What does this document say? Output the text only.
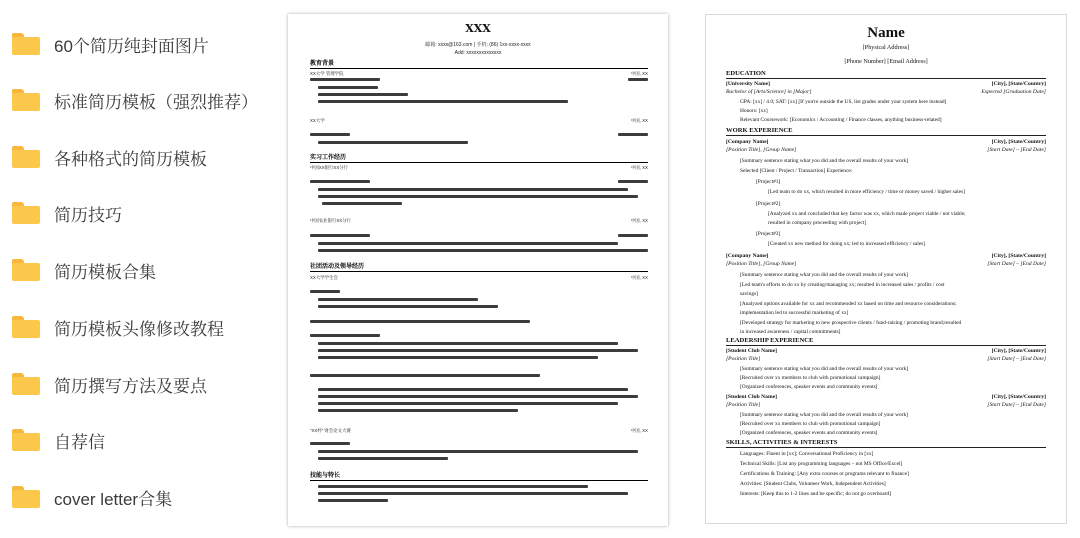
60个简历纯封面图片
标准简历模板（强烈推荐）
各种格式的简历模板
简历技巧
简历模板合集
简历模板头像修改教程
简历撰写方法及要点
自荐信
cover letter合集
XXX
邮箱: xxxx@163.com | 手机: (86) 1xx-xxxx-xxxx
Add: xxxxxxxxxxxxxx
教育背景
XX大学 管理学院	中国, XX
XX大学	中国, XX
实习工作经历
中国XX银行XX分行	中国, XX
中国农业银行XX分行	中国, XX
社团活动及领导经历
XX大学学生会	中国, XX
“XX杯” 财会论文大赛	中国, XX
技能与特长
Name
[Physical Address]
[Phone Number] [Email Address]
EDUCATION
[University Name]	[City], [State/Country]
Bachelor of [Arts/Science] in [Major]	Expected [Graduation Date]
GPA: [xx] / 4.0; SAT: [xx] [If you're outside the US, list grades under your system here instead]
Honors: [xx]
Relevant Coursework: [Economics / Accounting / Finance classes, anything business-related]
WORK EXPERIENCE
[Company Name]	[City], [State/Country]
[Position Title], [Group Name]	[Start Date] – [End Date]
[Summary sentence stating what you did and the overall results of your work]
Selected [Client / Project / Transaction] Experience:
[Project#1]
[Led team to do xx, which resulted in more efficiency / time or money saved / higher sales]
[Project#2]
[Analyzed xx and concluded that key factor was xx, which made project viable / not viable;
resulted in company proceeding with project]
[Project#3]
[Created xx new method for doing xx; led to increased efficiency / sales]
[Company Name]	[City], [State/Country]
[Position Title], [Group Name]	[Start Date] – [End Date]
[Summary sentence stating what you did and the overall results of your work]
[Led team's efforts to do xx by creating/managing xx; resulted in increased sales / profits / cost
savings]
[Analyzed options available for xx and recommended xx based on time and resource considerations;
implementation led to successful marketing of xx]
[Developed strategy for marketing to new prospective clients / fund-raising / promoting brand;resulted
in increased awareness / capital commitments]
LEADERSHIP EXPERIENCE
[Student Club Name]	[City], [State/Country]
[Position Title]	[Start Date] – [End Date]
[Summary sentence stating what you did and the overall results of your work]
[Recruited over xx members to club with promotional campaign]
[Organized conferences, speaker events and community events]
[Student Club Name]	[City], [State/Country]
[Position Title]	[Start Date] – [End Date]
[Summary sentence stating what you did and the overall results of your work]
[Recruited over xx members to club with promotional campaign]
[Organized conferences, speaker events and community events]
SKILLS, ACTIVITIES & INTERESTS
Languages: Fluent in [xx]; Conversational Proficiency in [xx]
Technical Skills: [List any programming languages – not MS Office/Excel]
Certifications & Training: [Any extra courses or programs relevant to finance]
Activities: [Student Clubs, Volunteer Work, Independent Activities]
Interests: [Keep this to 1-2 lines and be specific; do not go overboard]
